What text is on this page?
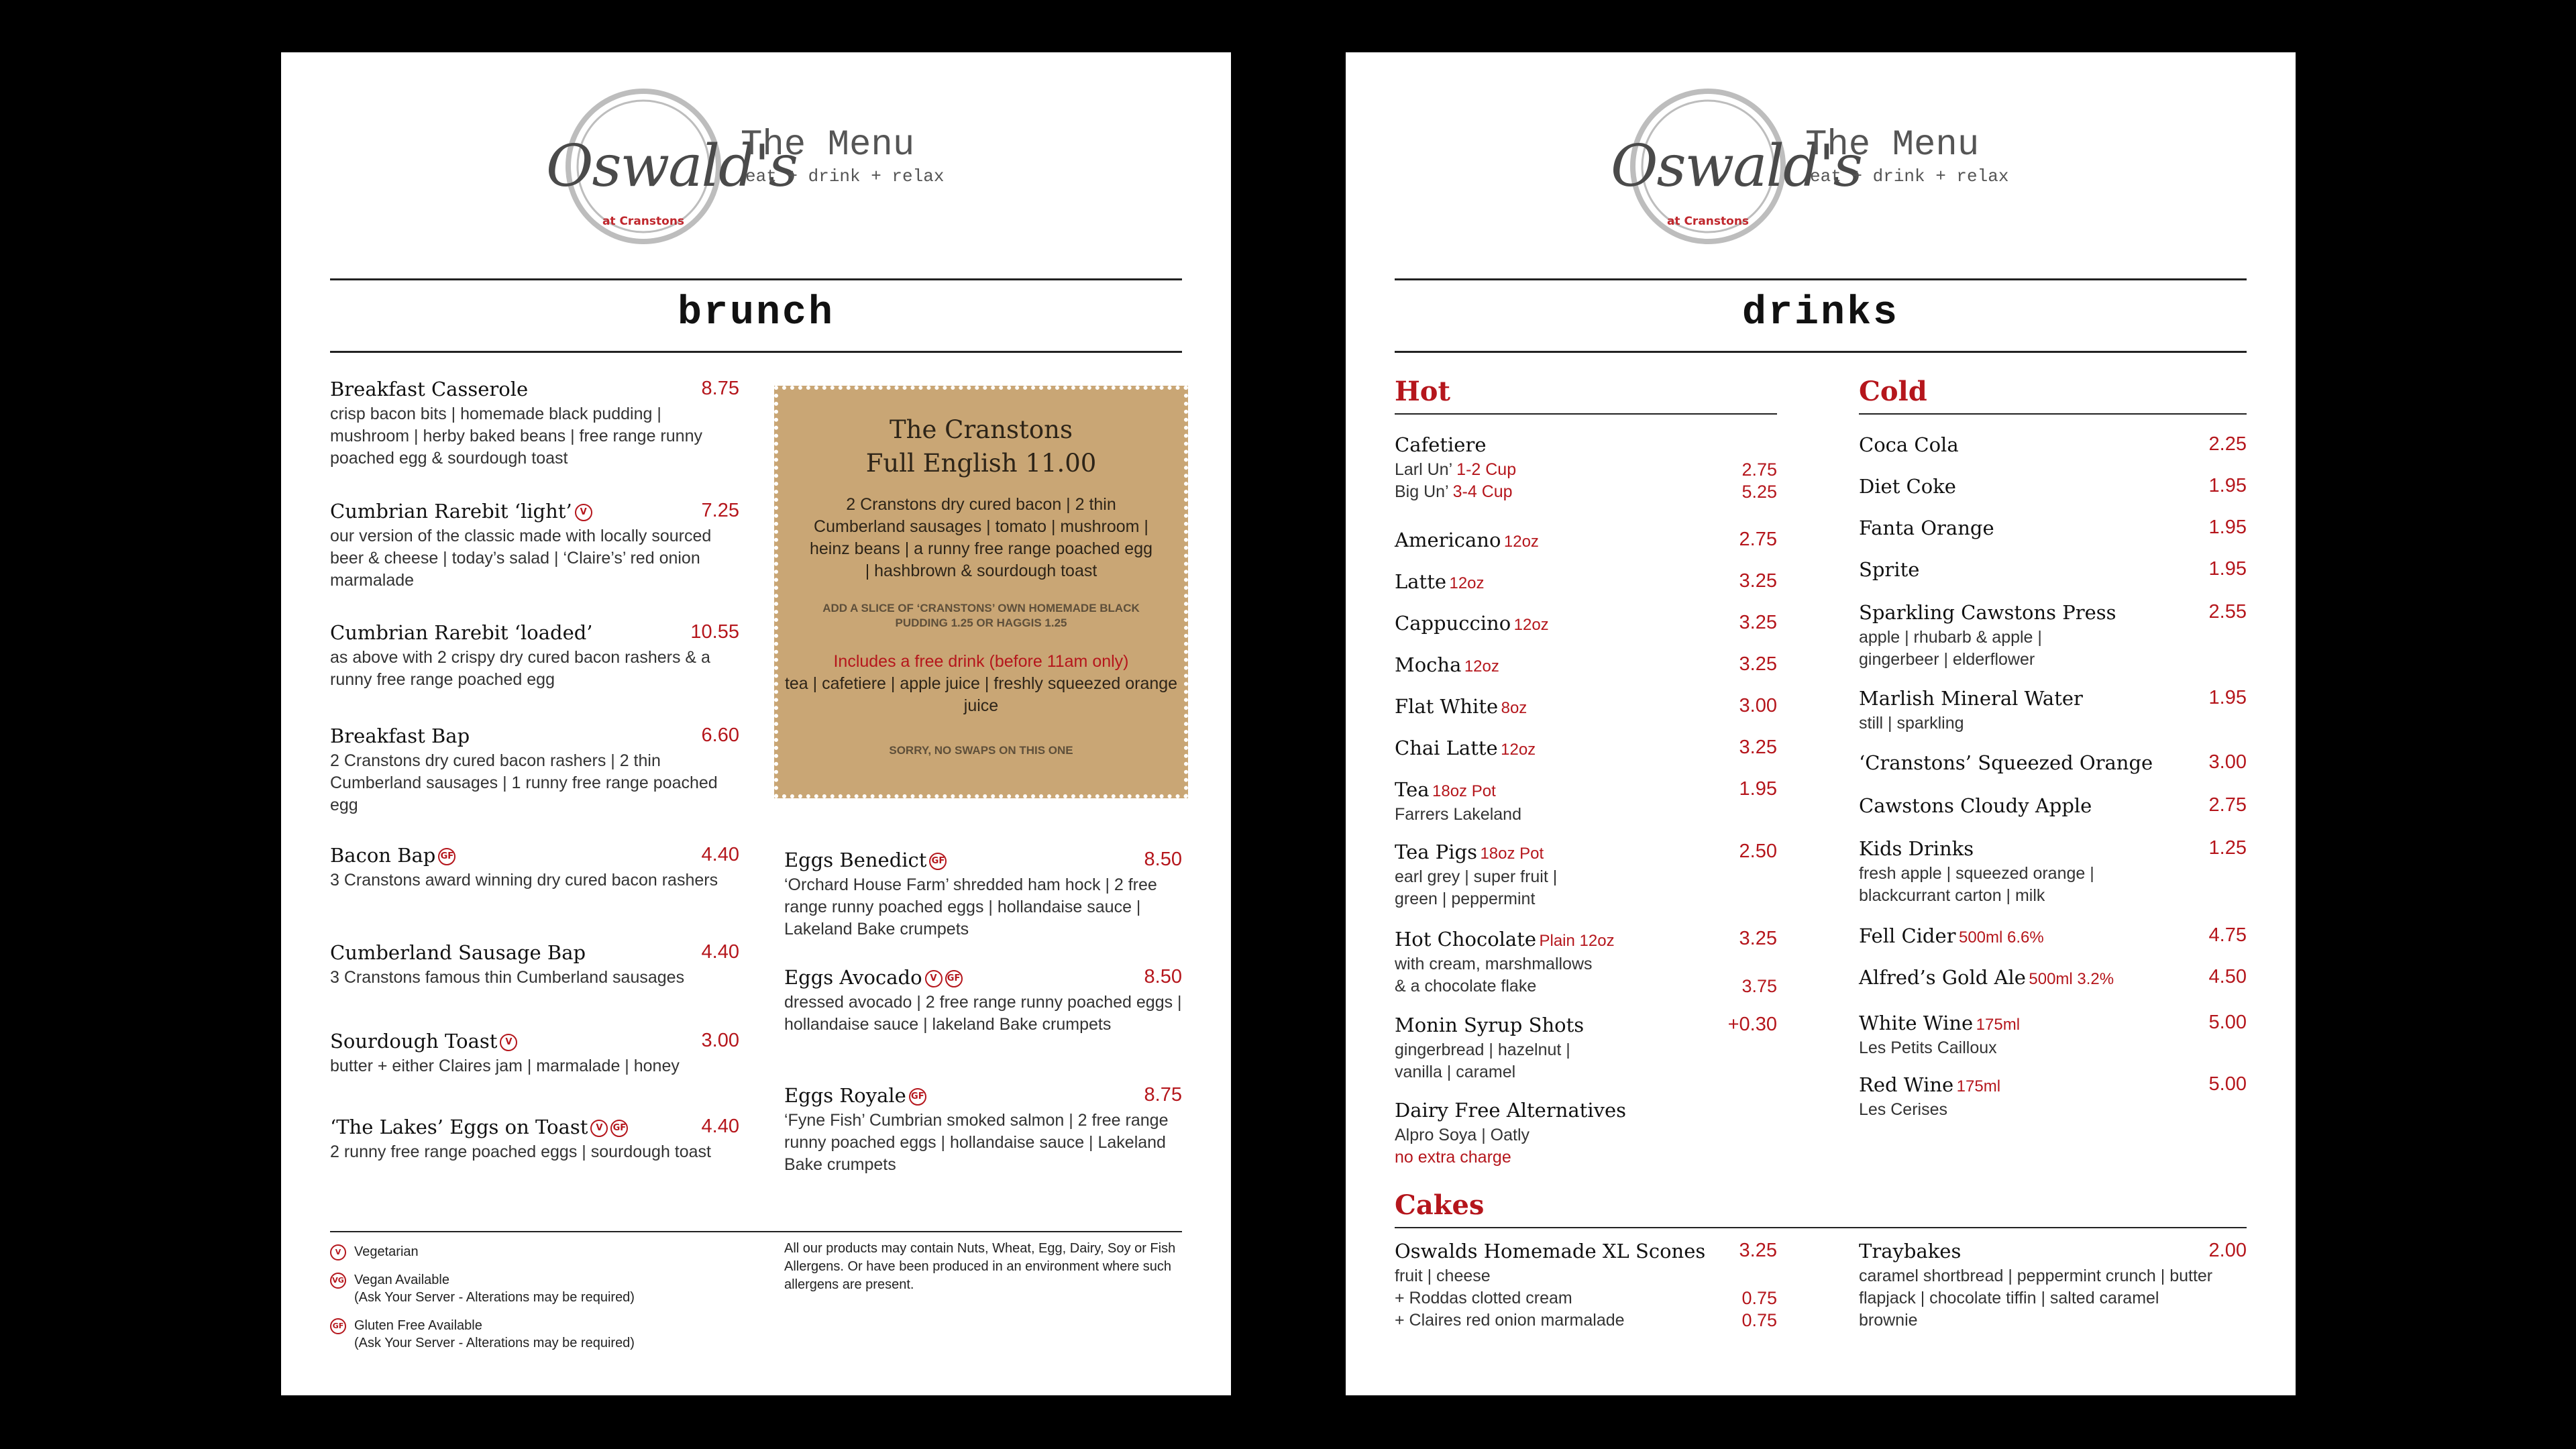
Oswald's
at Cranstons
The Menu
eat + drink + relax
brunch
Breakfast Casserole	8.75
crisp bacon bits | homemade black pudding | mushroom | herby baked beans | free range runny poached egg & sourdough toast
Cumbrian Rarebit ‘light’ V	7.25
our version of the classic made with locally sourced beer & cheese | today’s salad | ‘Claire’s’ red onion marmalade
Cumbrian Rarebit ‘loaded’	10.55
as above with 2 crispy dry cured bacon rashers & a runny free range poached egg
Breakfast Bap	6.60
2 Cranstons dry cured bacon rashers | 2 thin Cumberland sausages | 1 runny free range poached egg
Bacon Bap GF	4.40
3 Cranstons award winning dry cured bacon rashers
Cumberland Sausage Bap	4.40
3 Cranstons famous thin Cumberland sausages
Sourdough Toast V	3.00
butter + either Claires jam | marmalade | honey
‘The Lakes’ Eggs on Toast V GF	4.40
2 runny free range poached eggs | sourdough toast
The Cranstons
Full English 11.00
2 Cranstons dry cured bacon | 2 thin Cumberland sausages | tomato | mushroom | heinz beans | a runny free range poached egg | hashbrown & sourdough toast
ADD A SLICE OF ‘CRANSTONS’ OWN HOMEMADE BLACK PUDDING 1.25 OR HAGGIS 1.25
Includes a free drink (before 11am only)
tea | cafetiere | apple juice | freshly squeezed orange juice
SORRY, NO SWAPS ON THIS ONE
Eggs Benedict GF	8.50
‘Orchard House Farm’ shredded ham hock | 2 free range runny poached eggs | hollandaise sauce | Lakeland Bake crumpets
Eggs Avocado V GF	8.50
dressed avocado | 2 free range runny poached eggs | hollandaise sauce | lakeland Bake crumpets
Eggs Royale GF	8.75
‘Fyne Fish’ Cumbrian smoked salmon | 2 free range runny poached eggs | hollandaise sauce | Lakeland Bake crumpets
V Vegetarian
VG Vegan Available
(Ask Your Server - Alterations may be required)
GF Gluten Free Available
(Ask Your Server - Alterations may be required)
All our products may contain Nuts, Wheat, Egg, Dairy, Soy or Fish Allergens. Or have been produced in an environment where such allergens are present.
Oswald's
at Cranstons
The Menu
eat + drink + relax
drinks
Hot
Cafetiere
Larl Un’ 1-2 Cup	2.75
Big Un’ 3-4 Cup	5.25
Americano 12oz	2.75
Latte 12oz	3.25
Cappuccino 12oz	3.25
Mocha 12oz	3.25
Flat White 8oz	3.00
Chai Latte 12oz	3.25
Tea 18oz Pot	1.95
Farrers Lakeland
Tea Pigs 18oz Pot	2.50
earl grey | super fruit | green | peppermint
Hot Chocolate Plain 12oz	3.25
with cream, marshmallows
& a chocolate flake	3.75
Monin Syrup Shots	+0.30
gingerbread | hazelnut | vanilla | caramel
Dairy Free Alternatives
Alpro Soya | Oatly
no extra charge
Cold
Coca Cola	2.25
Diet Coke	1.95
Fanta Orange	1.95
Sprite	1.95
Sparkling Cawstons Press	2.55
apple | rhubarb & apple | gingerbeer | elderflower
Marlish Mineral Water	1.95
still | sparkling
‘Cranstons’ Squeezed Orange	3.00
Cawstons Cloudy Apple	2.75
Kids Drinks	1.25
fresh apple | squeezed orange | blackcurrant carton | milk
Fell Cider 500ml 6.6%	4.75
Alfred’s Gold Ale 500ml 3.2%	4.50
White Wine 175ml	5.00
Les Petits Cailloux
Red Wine 175ml	5.00
Les Cerises
Cakes
Oswalds Homemade XL Scones	3.25
fruit | cheese
+ Roddas clotted cream	0.75
+ Claires red onion marmalade	0.75
Traybakes	2.00
caramel shortbread | peppermint crunch | butter flapjack | chocolate tiffin | salted caramel brownie
